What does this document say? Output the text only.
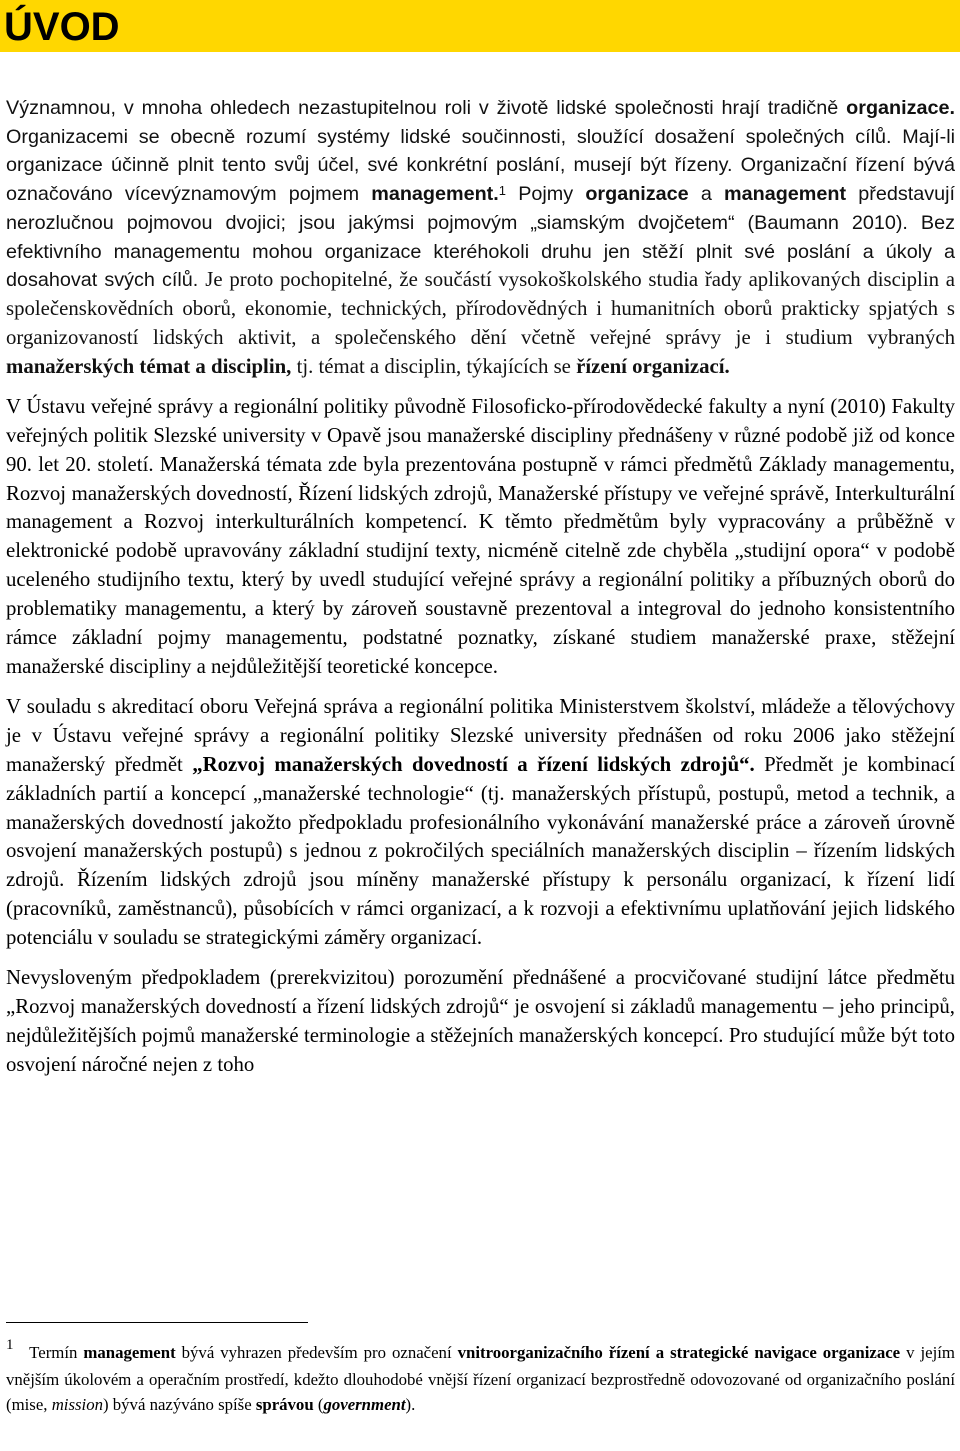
ÚVOD

Významnou, v mnoha ohledech nezastupitelnou roli v životě lidské společnosti hrají tradičně organizace. Organizacemi se obecně rozumí systémy lidské součinnosti, sloužící dosažení společných cílů. Mají-li organizace účinně plnit tento svůj účel, své konkrétní poslání, musejí být řízeny. Organizační řízení bývá označováno vícevýznamovým pojmem management.$^1$ Pojmy organizace a management představují nerozlučnou pojmovou dvojici; jsou jakýmsi pojmovým „siamským dvojčetem“ (Baumann 2010). Bez efektivního managementu mohou organizace kteréhokoli druhu jen stěží plnit své poslání a úkoly a dosahovat svých cílů. Je proto pochopitelné, že součástí vysokoškolského studia řady aplikovaných disciplin a společenskovědních oborů, ekonomie, technických, přírodovědných i humanitních oborů prakticky spjatých s organizovaností lidských aktivit, a společenského dění včetně veřejné správy je i studium vybraných manažerských témat a disciplin, tj. témat a disciplin, týkajících se řízení organizací.

V Ústavu veřejné správy a regionální politiky původně Filosoficko-přírodovědecké fakulty a nyní (2010) Fakulty veřejných politik Slezské university v Opavě jsou manažerské discipliny přednášeny v různé podobě již od konce 90. let 20. století. Manažerská témata zde byla prezentována postupně v rámci předmětů Základy managementu, Rozvoj manažerských dovedností, Řízení lidských zdrojů, Manažerské přístupy ve veřejné správě, Interkulturální management a Rozvoj interkulturálních kompetencí. K těmto předmětům byly vypracovány a průběžně v elektronické podobě upravovány základní studijní texty, nicméně citelně zde chyběla „studijní opora“ v podobě uceleného studijního textu, který by uvedl studující veřejné správy a regionální politiky a příbuzných oborů do problematiky managementu, a který by zároveň soustavně prezentoval a integroval do jednoho konsistentního rámce základní pojmy managementu, podstatné poznatky, získané studiem manažerské praxe, stěžejní manažerské discipliny a nejdůležitější teoretické koncepce.

V souladu s akreditací oboru Veřejná správa a regionální politika Ministerstvem školství, mládeže a tělovýchovy je v Ústavu veřejné správy a regionální politiky Slezské university přednášen od roku 2006 jako stěžejní manažerský předmět „Rozvoj manažerských dovedností a řízení lidských zdrojů“. Předmět je kombinací základních partií a koncepcí „manažerské technologie“ (tj. manažerských přístupů, postupů, metod a technik, a manažerských dovedností jakožto předpokladu profesionálního vykonávání manažerské práce a zároveň úrovně osvojení manažerských postupů) s jednou z pokročilých speciálních manažerských disciplin – řízením lidských zdrojů. Řízením lidských zdrojů jsou míněny manažerské přístupy k personálu organizací, k řízení lidí (pracovníků, zaměstnanců), působících v rámci organizací, a k rozvoji a efektivnímu uplatňování jejich lidského potenciálu v souladu se strategickými záměry organizací.

Nevysloveným předpokladem (prerekvizitou) porozumění přednášené a procvičované studijní látce předmětu „Rozvoj manažerských dovedností a řízení lidských zdrojů“ je osvojení si základů managementu – jeho principů, nejdůležitějších pojmů manažerské terminologie a stěžejních manažerských koncepcí. Pro studující může být toto osvojení náročné nejen z toho

1 Termín management bývá vyhrazen především pro označení vnitroorganizačního řízení a strategické navigace organizace v jejím vnějším úkolovém a operačním prostředí, kdežto dlouhodobé vnější řízení organizací bezprostředně odovozované od organizačního poslání (mise, mission) bývá nazýváno spíše správou (government).
